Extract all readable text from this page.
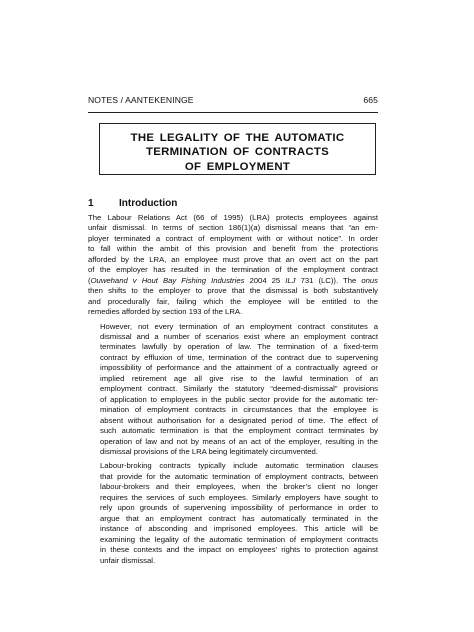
NOTES / AANTEKENINGE	665
THE LEGALITY OF THE AUTOMATIC
TERMINATION OF CONTRACTS
OF EMPLOYMENT
1	Introduction

The Labour Relations Act (66 of 1995) (LRA) protects employees against
unfair dismissal. In terms of section 186(1)(a) dismissal means that “an em-
ployer terminated a contract of employment with or without notice”. In order
to fall within the ambit of this provision and benefit from the protections
afforded by the LRA, an employee must prove that an overt act on the part
of the employer has resulted in the termination of the employment contract
(Ouwehand v Hout Bay Fishing Industries 2004 25 ILJ 731 (LC)). The onus
then shifts to the employer to prove that the dismissal is both substantively
and procedurally fair, failing which the employee will be entitled to the
remedies afforded by section 193 of the LRA.

However, not every termination of an employment contract constitutes a
dismissal and a number of scenarios exist where an employment contract
terminates lawfully by operation of law. The termination of a fixed-term
contract by effluxion of time, termination of the contract due to supervening
impossibility of performance and the attainment of a contractually agreed or
implied retirement age all give rise to the lawful termination of an
employment contract. Similarly the statutory “deemed-dismissal” provisions
of application to employees in the public sector provide for the automatic ter-
mination of employment contracts in circumstances that the employee is
absent without authorisation for a designated period of time. The effect of
such automatic termination is that the employment contract terminates by
operation of law and not by means of an act of the employer, resulting in the
dismissal provisions of the LRA being legitimately circumvented.

Labour-broking contracts typically include automatic termination clauses
that provide for the automatic termination of employment contracts, between
labour-brokers and their employees, when the broker’s client no longer
requires the services of such employees. Similarly employers have sought to
rely upon grounds of supervening impossibility of performance in order to
argue that an employment contract has automatically terminated in the
instance of absconding and imprisoned employees. This article will be
examining the legality of the automatic termination of employment contracts
in these contexts and the impact on employees’ rights to protection against
unfair dismissal.
